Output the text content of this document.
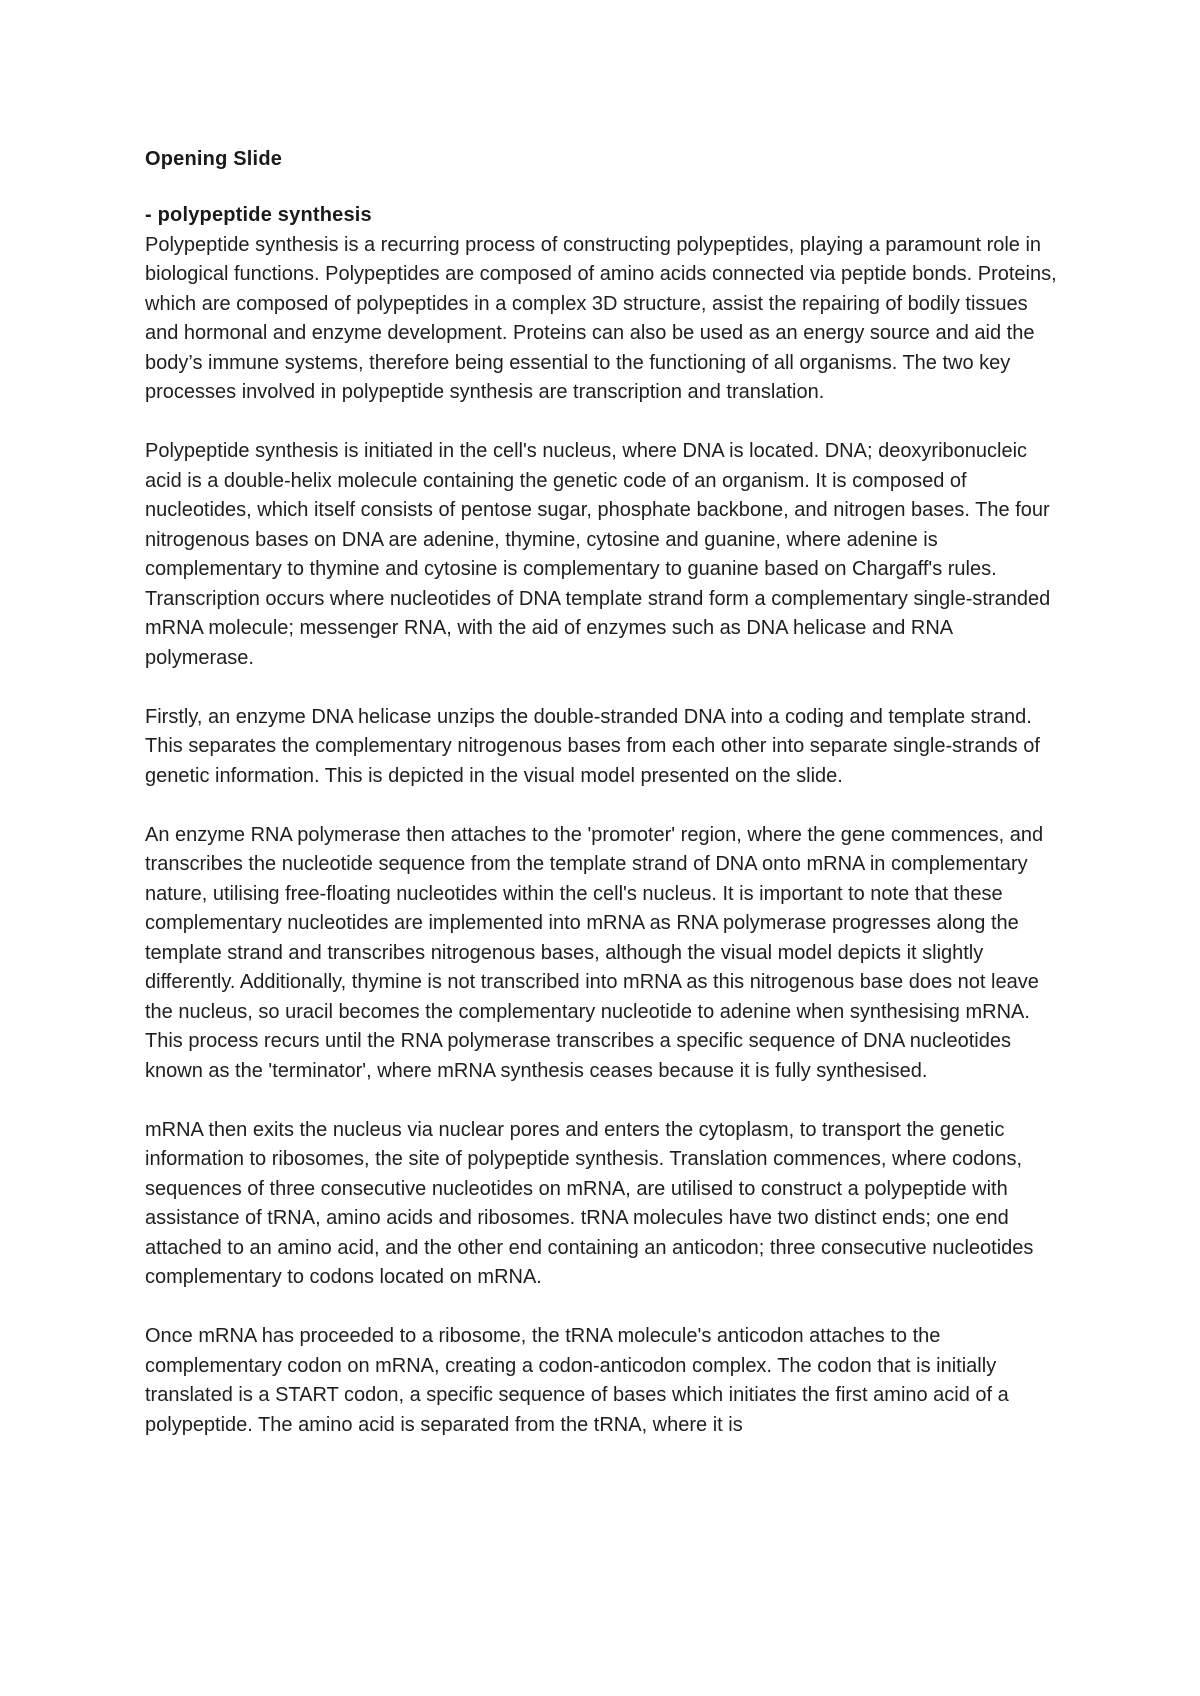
Opening Slide
- polypeptide synthesis

Polypeptide synthesis is a recurring process of constructing polypeptides, playing a paramount role in biological functions. Polypeptides are composed of amino acids connected via peptide bonds. Proteins, which are composed of polypeptides in a complex 3D structure, assist the repairing of bodily tissues and hormonal and enzyme development. Proteins can also be used as an energy source and aid the body’s immune systems, therefore being essential to the functioning of all organisms. The two key processes involved in polypeptide synthesis are transcription and translation.

Polypeptide synthesis is initiated in the cell's nucleus, where DNA is located. DNA; deoxyribonucleic acid is a double-helix molecule containing the genetic code of an organism. It is composed of nucleotides, which itself consists of pentose sugar, phosphate backbone, and nitrogen bases. The four nitrogenous bases on DNA are adenine, thymine, cytosine and guanine, where adenine is complementary to thymine and cytosine is complementary to guanine based on Chargaff's rules. Transcription occurs where nucleotides of DNA template strand form a complementary single-stranded mRNA molecule; messenger RNA, with the aid of enzymes such as DNA helicase and RNA polymerase.

Firstly, an enzyme DNA helicase unzips the double-stranded DNA into a coding and template strand. This separates the complementary nitrogenous bases from each other into separate single-strands of genetic information. This is depicted in the visual model presented on the slide.

An enzyme RNA polymerase then attaches to the 'promoter' region, where the gene commences, and transcribes the nucleotide sequence from the template strand of DNA onto mRNA in complementary nature, utilising free-floating nucleotides within the cell's nucleus. It is important to note that these complementary nucleotides are implemented into mRNA as RNA polymerase progresses along the template strand and transcribes nitrogenous bases, although the visual model depicts it slightly differently. Additionally, thymine is not transcribed into mRNA as this nitrogenous base does not leave the nucleus, so uracil becomes the complementary nucleotide to adenine when synthesising mRNA. This process recurs until the RNA polymerase transcribes a specific sequence of DNA nucleotides known as the 'terminator', where mRNA synthesis ceases because it is fully synthesised.

mRNA then exits the nucleus via nuclear pores and enters the cytoplasm, to transport the genetic information to ribosomes, the site of polypeptide synthesis. Translation commences, where codons, sequences of three consecutive nucleotides on mRNA, are utilised to construct a polypeptide with assistance of tRNA, amino acids and ribosomes. tRNA molecules have two distinct ends; one end attached to an amino acid, and the other end containing an anticodon; three consecutive nucleotides complementary to codons located on mRNA.

Once mRNA has proceeded to a ribosome, the tRNA molecule's anticodon attaches to the complementary codon on mRNA, creating a codon-anticodon complex. The codon that is initially translated is a START codon, a specific sequence of bases which initiates the first amino acid of a polypeptide. The amino acid is separated from the tRNA, where it is
